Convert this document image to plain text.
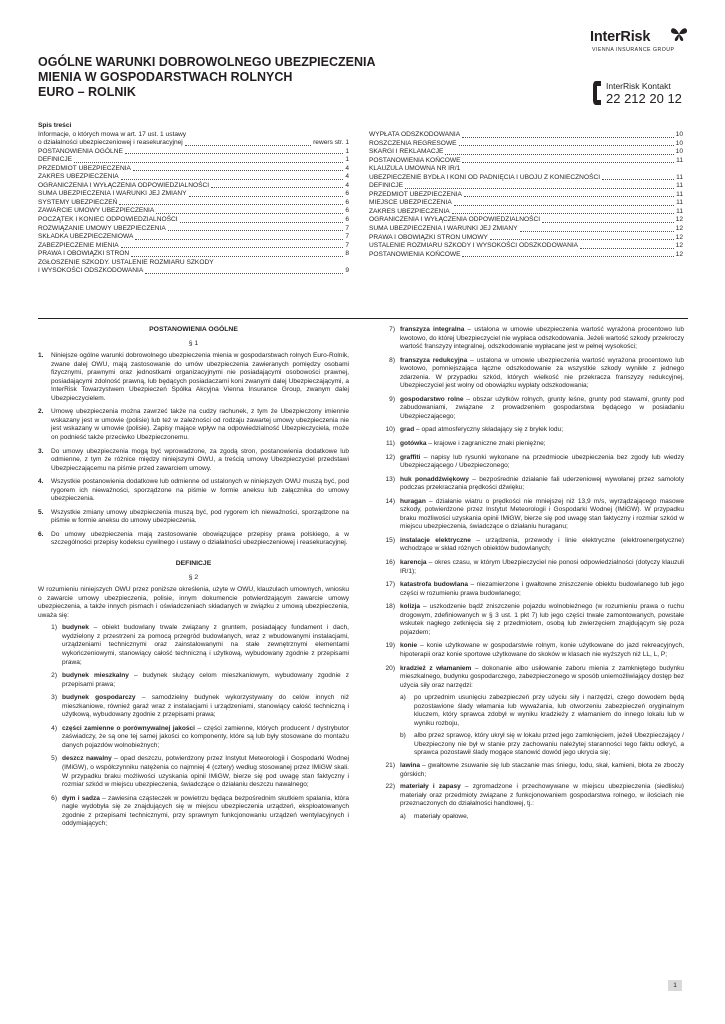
InterRisk
VIENNA INSURANCE GROUP
OGÓLNE WARUNKI DOBROWOLNEGO UBEZPIECZENIA
MIENIA W GOSPODARSTWACH ROLNYCH
EURO – ROLNIK	InterRisk Kontakt
22 212 20 12
Spis treści
Informacje, o których mowa w art. 17 ust. 1 ustawy
o działalności ubezpieczeniowej i reasekuracyjnej	rewers str. 1
POSTANOWIENIA OGÓLNE	1
DEFINICJE	1
PRZEDMIOT UBEZPIECZENIA	4
ZAKRES UBEZPIECZENIA	4
OGRANICZENIA I WYŁĄCZENIA ODPOWIEDZIALNOŚCI	4
SUMA UBEZPIECZENIA I WARUNKI JEJ ZMIANY	6
SYSTEMY UBEZPIECZEŃ	6
ZAWARCIE UMOWY UBEZPIECZENIA	6
POCZĄTEK I KONIEC ODPOWIEDZIALNOŚCI	6
ROZWIĄZANIE UMOWY UBEZPIECZENIA	7
SKŁADKA UBEZPIECZENIOWA	7
ZABEZPIECZENIE MIENIA	7
PRAWA I OBOWIĄZKI STRON	8
ZGŁOSZENIE SZKODY. USTALENIE ROZMIARU SZKODY
I WYSOKOŚCI ODSZKODOWANIA	9
WYPŁATA ODSZKODOWANIA	10
ROSZCZENIA REGRESOWE	10
SKARGI I REKLAMACJE	10
POSTANOWIENIA KOŃCOWE	11
KLAUZULA UMOWNA NR IR/1
UBEZPIECZENIE BYDŁA I KONI OD PADNIĘCIA I UBOJU Z KONIECZNOŚCI	11
DEFINICJE	11
PRZEDMIOT UBEZPIECZENIA	11
MIEJSCE UBEZPIECZENIA	11
ZAKRES UBEZPIECZENIA	11
OGRANICZENIA I WYŁĄCZENIA ODPOWIEDZIALNOŚCI	12
SUMA UBEZPIECZENIA I WARUNKI JEJ ZMIANY	12
PRAWA I OBOWIĄZKI STRON UMOWY	12
USTALENIE ROZMIARU SZKODY I WYSOKOŚCI ODSZKODOWANIA	12
POSTANOWIENIA KOŃCOWE	12
POSTANOWIENIA OGÓLNE
§ 1
1. Niniejsze ogólne warunki dobrowolnego ubezpieczenia mienia w gospodarstwach rolnych Euro-Rolnik, zwane dalej OWU, mają zastosowanie do umów ubezpieczenia zawieranych pomiędzy osobami fizycznymi, prawnymi oraz jednostkami organizacyjnymi nie posiadającymi osobowości prawnej, posiadającymi zdolność prawną, lub będących posiadaczami koni zwanymi dalej Ubezpieczającymi, a InterRisk Towarzystwem Ubezpieczeń Spółka Akcyjna Vienna Insurance Group, zwanym dalej Ubezpieczycielem.
2. Umowę ubezpieczenia można zawrzeć także na cudzy rachunek, z tym że Ubezpieczony imiennie wskazany jest w umowie (polisie) lub też w zależności od rodzaju zawartej umowy ubezpieczenia nie jest wskazany w umowie (polisie). Zapisy mające wpływ na odpowiedzialność Ubezpieczyciela, może on podnieść także przeciwko Ubezpieczonemu.
3. Do umowy ubezpieczenia mogą być wprowadzone, za zgodą stron, postanowienia dodatkowe lub odmienne, z tym że różnice między niniejszymi OWU, a treścią umowy Ubezpieczyciel przedstawi Ubezpieczającemu na piśmie przed zawarciem umowy.
4. Wszystkie postanowienia dodatkowe lub odmienne od ustalonych w niniejszych OWU muszą być, pod rygorem ich nieważności, sporządzone na piśmie w formie aneksu lub załącznika do umowy ubezpieczenia.
5. Wszystkie zmiany umowy ubezpieczenia muszą być, pod rygorem ich nieważności, sporządzone na piśmie w formie aneksu do umowy ubezpieczenia.
6. Do umowy ubezpieczenia mają zastosowanie obowiązujące przepisy prawa polskiego, a w szczególności przepisy kodeksu cywilnego i ustawy o działalności ubezpieczeniowej i reasekuracyjnej.
DEFINICJE
§ 2
W rozumieniu niniejszych OWU przez poniższe określenia, użyte w OWU, klauzulach umownych, wniosku o zawarcie umowy ubezpieczenia, polisie, innym dokumencie potwierdzającym zawarcie umowy ubezpieczenia, a także innych pismach i oświadczeniach składanych w związku z umową ubezpieczenia, uważa się:
1) budynek – obiekt budowlany trwale związany z gruntem, posiadający fundament i dach, wydzielony z przestrzeni za pomocą przegród budowlanych, wraz z wbudowanymi instalacjami, urządzeniami technicznymi oraz zainstalowanymi na stałe zewnętrznymi elementami wykończeniowymi, stanowiący całość techniczną i użytkową, wybudowany zgodnie z przepisami prawa;
2) budynek mieszkalny – budynek służący celom mieszkaniowym, wybudowany zgodnie z przepisami prawa;
3) budynek gospodarczy – samodzielny budynek wykorzystywany do celów innych niż mieszkaniowe, również garaż wraz z instalacjami i urządzeniami, stanowiący całość techniczną i użytkową, wybudowany zgodnie z przepisami prawa;
4) części zamienne o porównywalnej jakości – części zamienne, których producent / dystrybutor zaświadczy, że są one tej samej jakości co komponenty, które są lub były stosowane do montażu danych pojazdów wolnobieżnych;
5) deszcz nawalny – opad deszczu, potwierdzony przez Instytut Meteorologii i Gospodarki Wodnej (IMiGW), o współczynniku natężenia co najmniej 4 (cztery) według stosowanej przez IMiGW skali. W przypadku braku możliwości uzyskania opinii IMiGW, bierze się pod uwagę stan faktyczny i rozmiar szkód w miejscu ubezpieczenia, świadczące o działaniu deszczu nawalnego;
6) dym i sadza – zawiesina cząsteczek w powietrzu będąca bezpośrednim skutkiem spalania, która nagle wydobyła się ze znajdujących się w miejscu ubezpieczenia urządzeń, eksploatowanych zgodnie z przepisami technicznymi, przy sprawnym funkcjonowaniu urządzeń wentylacyjnych i oddymiających;
7) franszyza integralna – ustalona w umowie ubezpieczenia wartość wyrażona procentowo lub kwotowo, do której Ubezpieczyciel nie wypłaca odszkodowania. Jeżeli wartość szkody przekroczy wartość franszyzy integralnej, odszkodowanie wypłacane jest w pełnej wysokości;
8) franszyza redukcyjna – ustalona w umowie ubezpieczenia wartość wyrażona procentowo lub kwotowo, pomniejszająca łączne odszkodowanie za wszystkie szkody wynikłe z jednego zdarzenia. W przypadku szkód, których wielkość nie przekracza franszyzy redukcyjnej, Ubezpieczyciel jest wolny od obowiązku wypłaty odszkodowania;
9) gospodarstwo rolne – obszar użytków rolnych, grunty leśne, grunty pod stawami, grunty pod zabudowaniami, związane z prowadzeniem gospodarstwa będącego w posiadaniu Ubezpieczającego;
10) grad – opad atmosferyczny składający się z bryłek lodu;
11) gotówka – krajowe i zagraniczne znaki pieniężne;
12) graffiti – napisy lub rysunki wykonane na przedmiocie ubezpieczenia bez zgody lub wiedzy Ubezpieczającego / Ubezpieczonego;
13) huk ponaddźwiękowy – bezpośrednie działanie fali uderzeniowej wywołanej przez samoloty podczas przekraczania prędkości dźwięku;
14) huragan – działanie wiatru o prędkości nie mniejszej niż 13,9 m/s, wyrządzającego masowe szkody, potwierdzone przez Instytut Meteorologii i Gospodarki Wodnej (IMiGW). W przypadku braku możliwości uzyskania opinii IMiGW, bierze się pod uwagę stan faktyczny i rozmiar szkód w miejscu ubezpieczenia, świadczące o działaniu huraganu;
15) instalacje elektryczne – urządzenia, przewody i linie elektryczne (elektroenergetyczne) wchodzące w skład różnych obiektów budowlanych;
16) karencja – okres czasu, w którym Ubezpieczyciel nie ponosi odpowiedzialności (dotyczy klauzuli IR/1);
17) katastrofa budowlana – niezamierzone i gwałtowne zniszczenie obiektu budowlanego lub jego części w rozumieniu prawa budowlanego;
18) kolizja – uszkodzenie bądź zniszczenie pojazdu wolnobieżnego (w rozumieniu prawa o ruchu drogowym, zdefiniowanych w § 3 ust. 1 pkt 7) lub jego części trwale zamontowanych, powstałe wskutek nagłego zetknięcia się z przedmiotem, osobą lub zwierzęciem znajdującym się poza pojazdem;
19) konie – konie użytkowane w gospodarstwie rolnym, konie użytkowane do jazd rekreacyjnych, hipoterapii oraz konie sportowe użytkowane do skoków w klasach nie wyższych niż LL, L, P;
20) kradzież z włamaniem – dokonanie albo usiłowanie zaboru mienia z zamkniętego budynku mieszkalnego, budynku gospodarczego, zabezpieczonego w sposób uniemożliwiający dostęp bez użycia siły oraz narzędzi:
a) po uprzednim usunięciu zabezpieczeń przy użyciu siły i narzędzi, czego dowodem będą pozostawione ślady włamania lub wyważania, lub otworzeniu zabezpieczeń oryginalnym kluczem, który sprawca zdobył w wyniku kradzieży z włamaniem do innego lokalu lub w wyniku rozboju,
b) albo przez sprawcę, który ukrył się w lokalu przed jego zamknięciem, jeżeli Ubezpieczający / Ubezpieczony nie był w stanie przy zachowaniu należytej staranności tego faktu odkryć, a sprawca pozostawił ślady mogące stanowić dowód jego ukrycia się;
21) lawina – gwałtowne zsuwanie się lub staczanie mas śniegu, lodu, skał, kamieni, błota ze zboczy górskich;
22) materiały i zapasy – zgromadzone i przechowywane w miejscu ubezpieczenia (siedlisku) materiały oraz przedmioty związane z funkcjonowaniem gospodarstwa rolnego, w ilościach nie przeznaczonych do działalności handlowej, tj.:
a) materiały opałowe,
1
